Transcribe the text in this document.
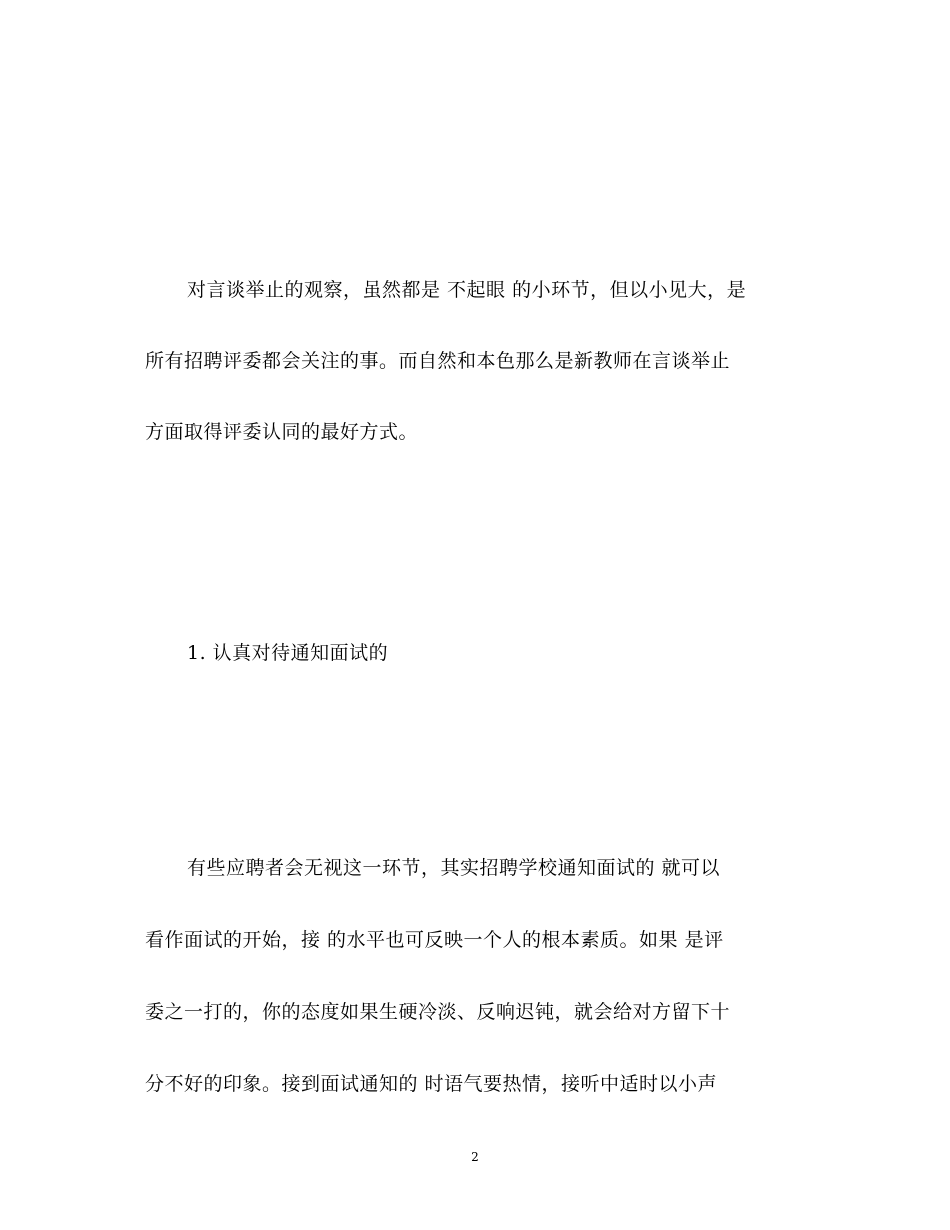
对言谈举止的观察，虽然都是 不起眼 的小环节，但以小见大，是
所有招聘评委都会关注的事。而自然和本色那么是新教师在言谈举止
方面取得评委认同的最好方式。
1. 认真对待通知面试的
有些应聘者会无视这一环节，其实招聘学校通知面试的 就可以
看作面试的开始，接 的水平也可反映一个人的根本素质。如果 是评
委之一打的，你的态度如果生硬冷淡、反响迟钝，就会给对方留下十
分不好的印象。接到面试通知的 时语气要热情，接听中适时以小声
2
